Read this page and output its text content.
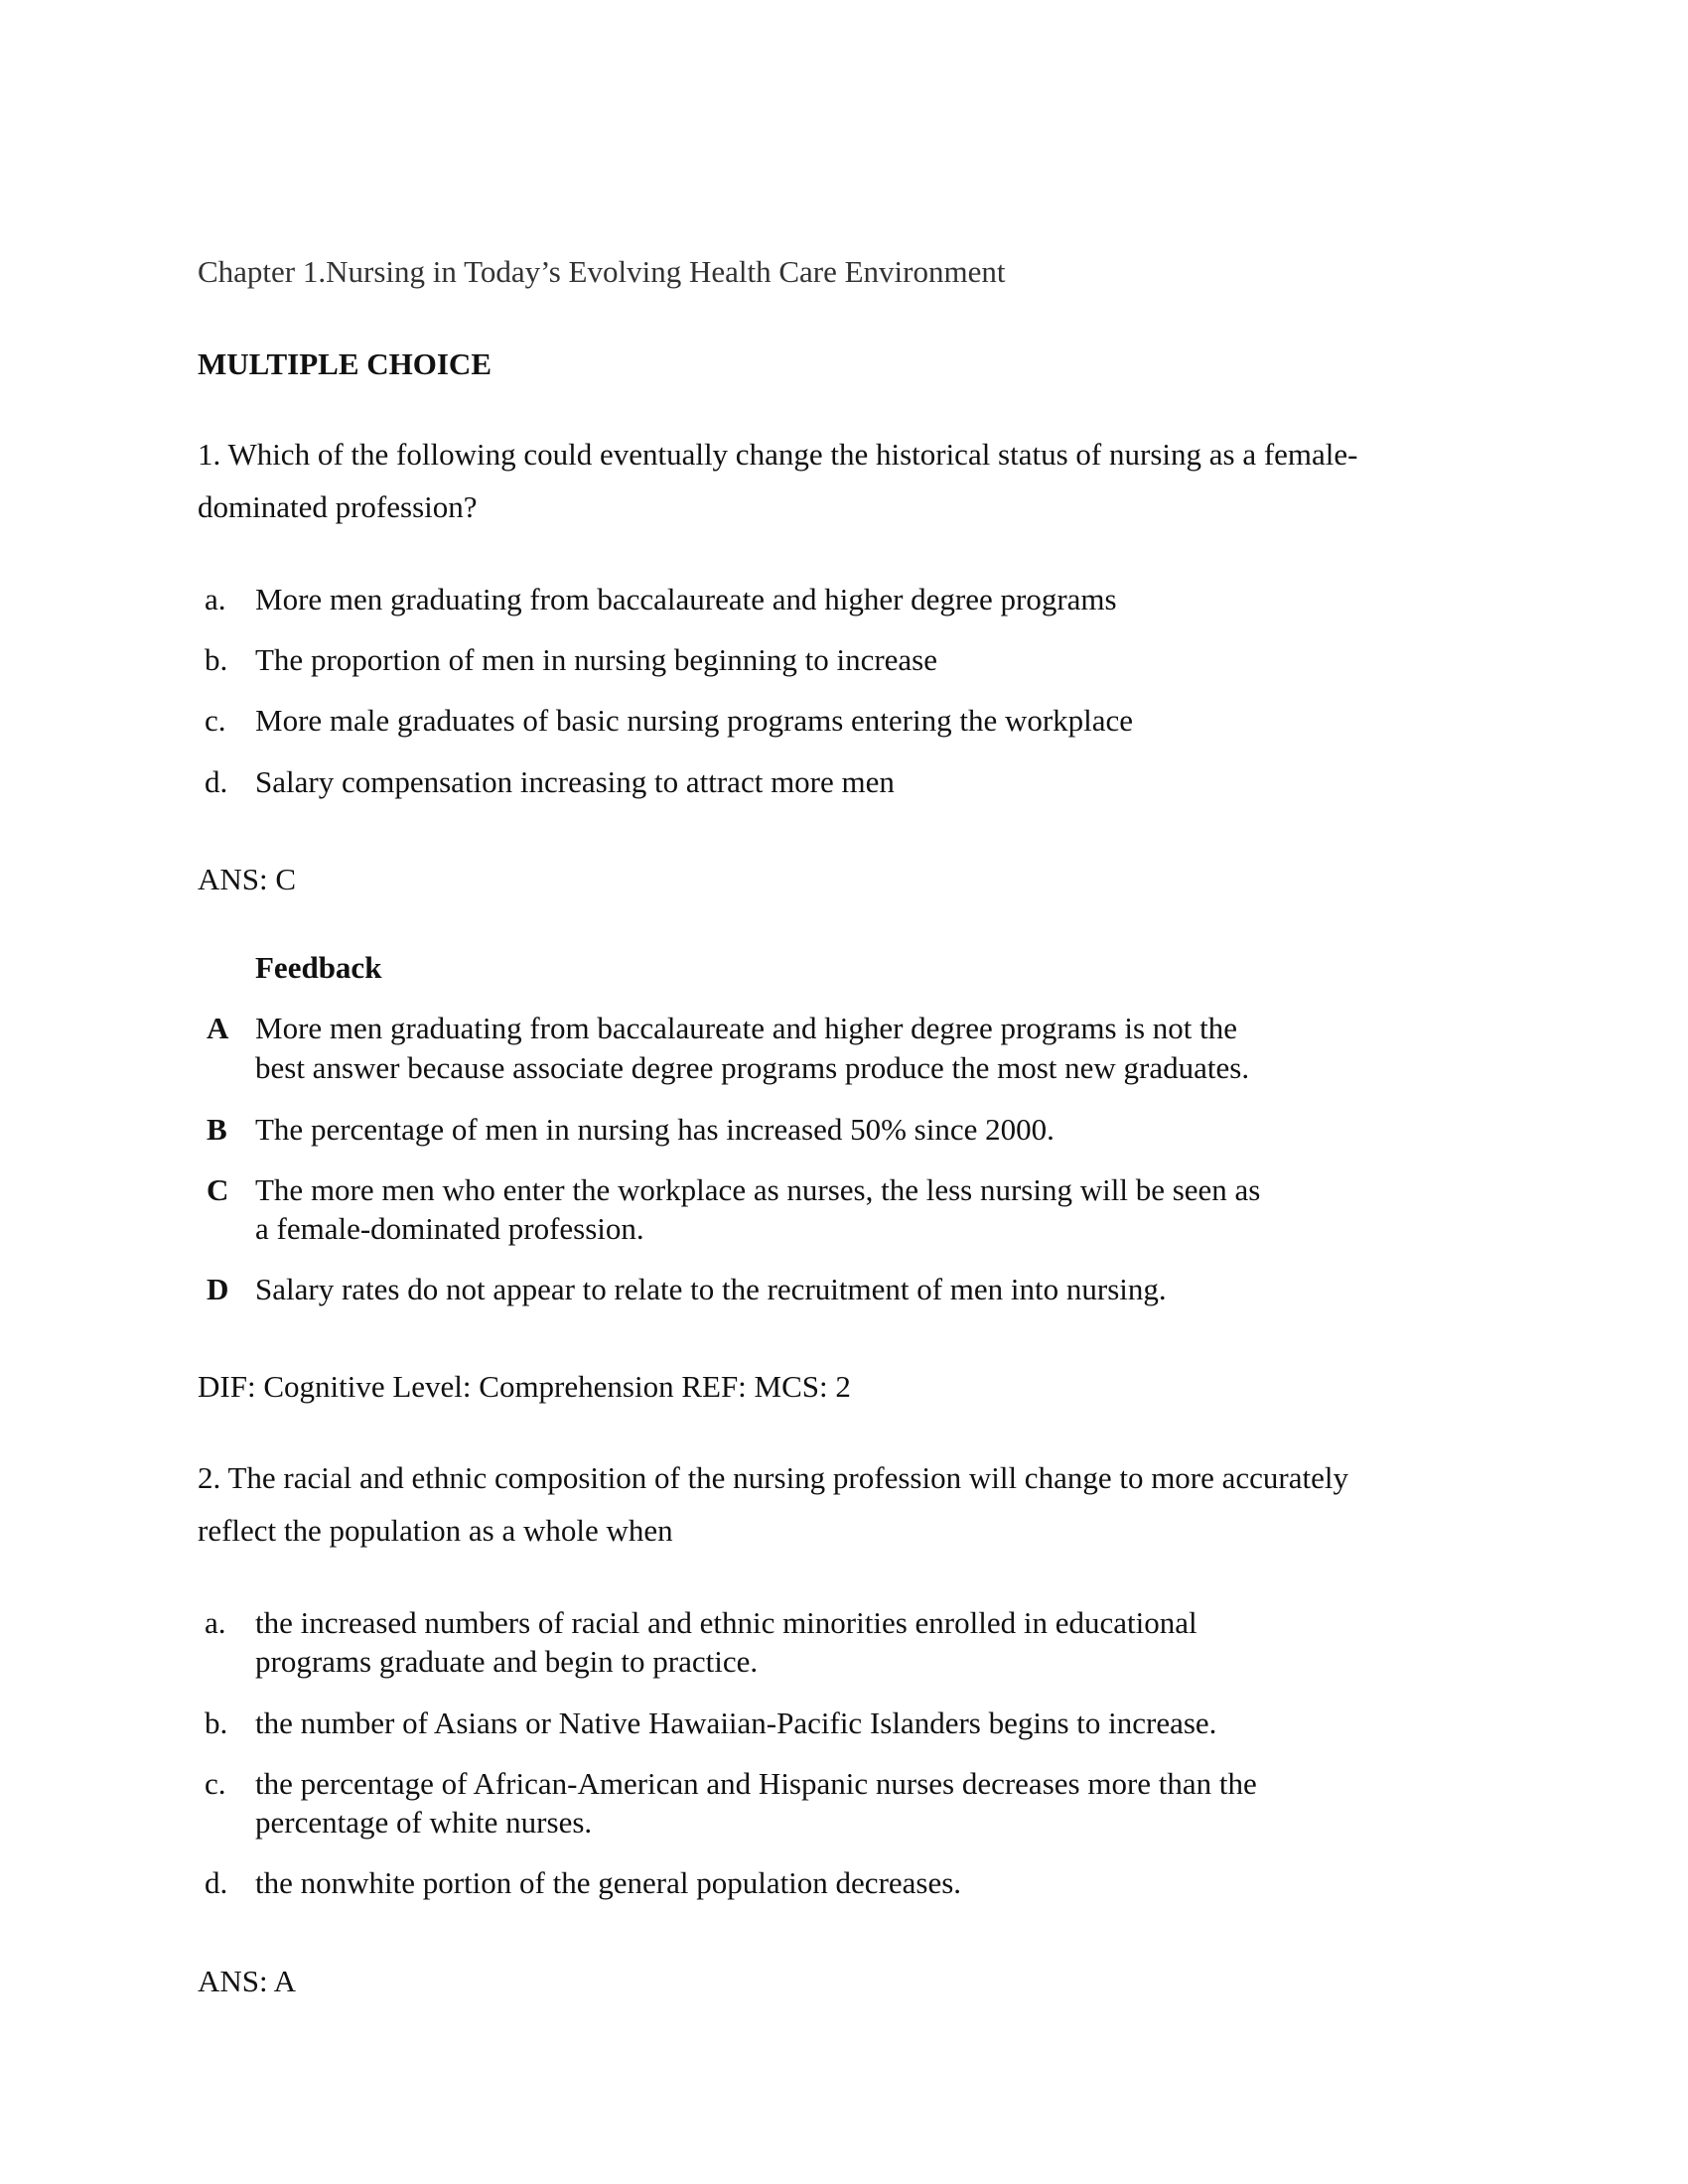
Chapter 1.Nursing in Today’s Evolving Health Care Environment
MULTIPLE CHOICE
1. Which of the following could eventually change the historical status of nursing as a female-
dominated profession?
a. More men graduating from baccalaureate and higher degree programs
b. The proportion of men in nursing beginning to increase
c. More male graduates of basic nursing programs entering the workplace
d. Salary compensation increasing to attract more men
ANS: C
Feedback
A More men graduating from baccalaureate and higher degree programs is not the
best answer because associate degree programs produce the most new graduates.
B The percentage of men in nursing has increased 50% since 2000.
C The more men who enter the workplace as nurses, the less nursing will be seen as
a female-dominated profession.
D Salary rates do not appear to relate to the recruitment of men into nursing.
DIF: Cognitive Level: Comprehension REF: MCS: 2
2. The racial and ethnic composition of the nursing profession will change to more accurately
reflect the population as a whole when
a. the increased numbers of racial and ethnic minorities enrolled in educational
programs graduate and begin to practice.
b. the number of Asians or Native Hawaiian-Pacific Islanders begins to increase.
c. the percentage of African-American and Hispanic nurses decreases more than the
percentage of white nurses.
d. the nonwhite portion of the general population decreases.
ANS: A
